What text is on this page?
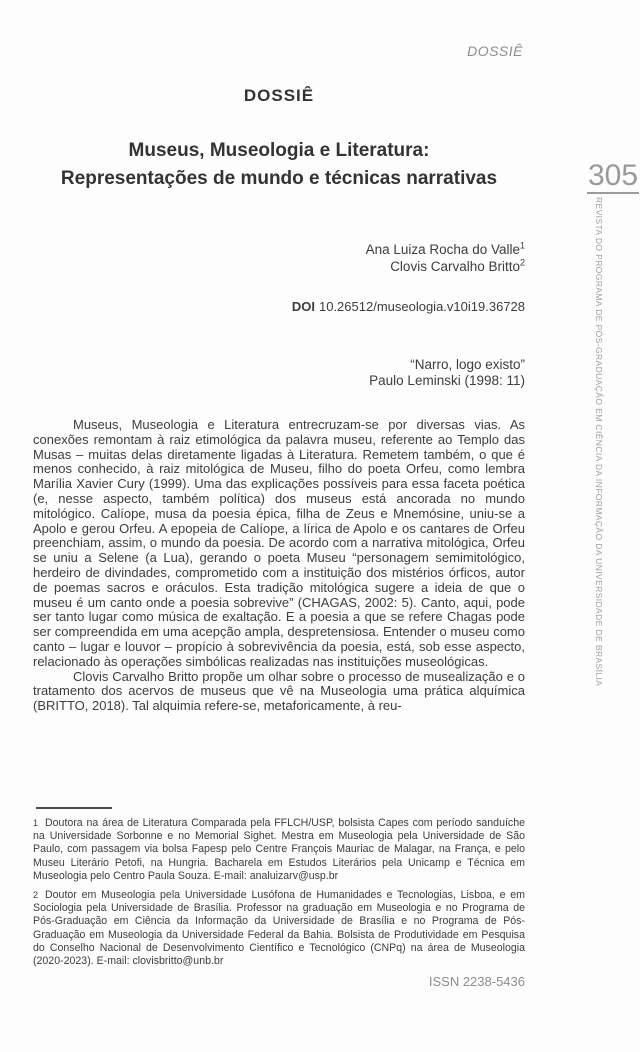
DOSSIÊ
DOSSIÊ
Museus, Museologia e Literatura:
Representações de mundo e técnicas narrativas	305
REVISTA DO PROGRAMA DE PÓS-GRADUAÇÃO EM CIÊNCIA DA INFORMAÇÃO DA UNIVERSIDADE DE BRASÍLIA
Ana Luiza Rocha do Valle$^1$
Clovis Carvalho Britto$^2$
DOI 10.26512/museologia.v10i19.36728
“Narro, logo existo”
Paulo Leminski (1998: 11)

Museus, Museologia e Literatura entrecruzam-se por diversas vias. As conexões remontam à raiz etimológica da palavra museu, referente ao Templo das Musas – muitas delas diretamente ligadas à Literatura. Remetem também, o que é menos conhecido, à raiz mitológica de Museu, filho do poeta Orfeu, como lembra Marília Xavier Cury (1999). Uma das explicações possíveis para essa faceta poética (e, nesse aspecto, também política) dos museus está ancorada no mundo mitológico. Calíope, musa da poesia épica, filha de Zeus e Mnemósine, uniu-se a Apolo e gerou Orfeu. A epopeia de Calíope, a lírica de Apolo e os cantares de Orfeu preenchiam, assim, o mundo da poesia. De acordo com a narrativa mitológica, Orfeu se uniu a Selene (a Lua), gerando o poeta Museu “personagem semimitológico, herdeiro de divindades, comprometido com a instituição dos mistérios órficos, autor de poemas sacros e oráculos. Esta tradição mitológica sugere a ideia de que o museu é um canto onde a poesia sobrevive” (CHAGAS, 2002: 5). Canto, aqui, pode ser tanto lugar como música de exaltação. E a poesia a que se refere Chagas pode ser compreendida em uma acepção ampla, despretensiosa. Entender o museu como canto – lugar e louvor – propício à sobrevivência da poesia, está, sob esse aspecto, relacionado às operações simbólicas realizadas nas instituições museológicas.

Clovis Carvalho Britto propõe um olhar sobre o processo de musealização e o tratamento dos acervos de museus que vê na Museologia uma prática alquímica (BRITTO, 2018). Tal alquimia refere-se, metaforicamente, à reu-

1 Doutora na área de Literatura Comparada pela FFLCH/USP, bolsista Capes com período sanduíche na Universidade Sorbonne e no Memorial Sighet. Mestra em Museologia pela Universidade de São Paulo, com passagem via bolsa Fapesp pelo Centre François Mauriac de Malagar, na França, e pelo Museu Literário Petofi, na Hungria. Bacharela em Estudos Literários pela Unicamp e Técnica em Museologia pelo Centro Paula Souza. E-mail: analuizarv@usp.br
2 Doutor em Museologia pela Universidade Lusófona de Humanidades e Tecnologias, Lisboa, e em Sociologia pela Universidade de Brasília. Professor na graduação em Museologia e no Programa de Pós-Graduação em Ciência da Informação da Universidade de Brasília e no Programa de Pós-Graduação em Museologia da Universidade Federal da Bahia. Bolsista de Produtividade em Pesquisa do Conselho Nacional de Desenvolvimento Científico e Tecnológico (CNPq) na área de Museologia (2020-2023). E-mail: clovisbritto@unb.br
ISSN 2238-5436
